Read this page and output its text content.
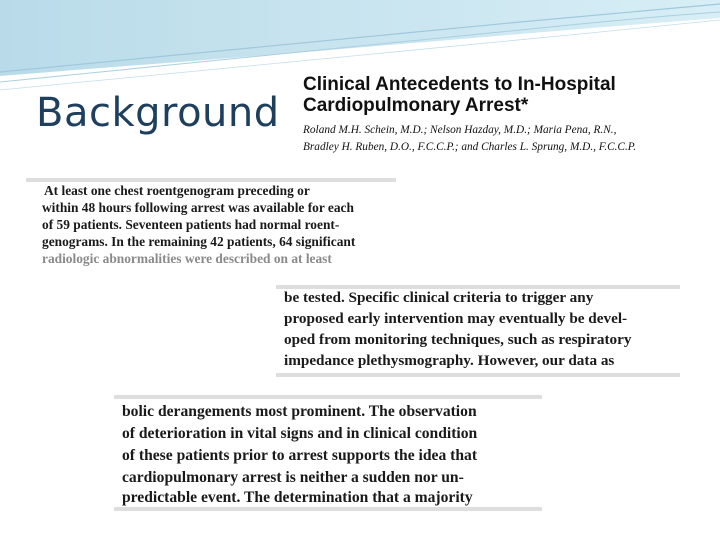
Background
Clinical Antecedents to In-Hospital
Cardiopulmonary Arrest*
Roland M.H. Schein, M.D.; Nelson Hazday, M.D.; Maria Pena, R.N.,
Bradley H. Ruben, D.O., F.C.C.P.; and Charles L. Sprung, M.D., F.C.C.P.
At least one chest roentgenogram preceding or
within 48 hours following arrest was available for each
of 59 patients. Seventeen patients had normal roent-
genograms. In the remaining 42 patients, 64 significant
radiologic abnormalities were described on at least
be tested. Specific clinical criteria to trigger any
proposed early intervention may eventually be devel-
oped from monitoring techniques, such as respiratory
impedance plethysmography. However, our data as
bolic derangements most prominent. The observation
of deterioration in vital signs and in clinical condition
of these patients prior to arrest supports the idea that
cardiopulmonary arrest is neither a sudden nor un-
predictable event. The determination that a majority
